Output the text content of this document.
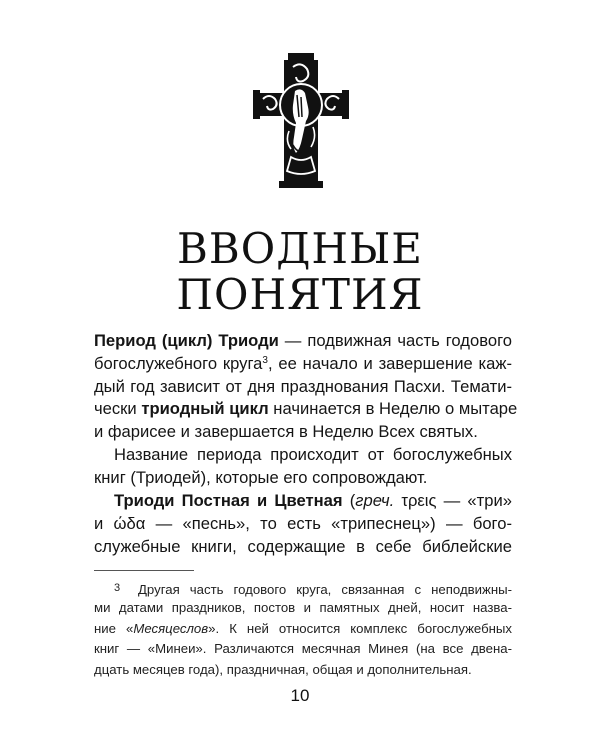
ВВОДНЫЕ
ПОНЯТИЯ
Период (цикл) Триоди — подвижная часть годового
богослужебного круга$^3$, ее начало и завершение каж-
дый год зависит от дня празднования Пасхи. Темати-
чески триодный цикл начинается в Неделю о мытаре
и фарисее и завершается в Неделю Всех святых.
Название периода происходит от богослужебных
книг (Триодей), которые его сопровождают.
Триоди Постная и Цветная (греч. τρεις — «три»
и ώδα — «песнь», то есть «трипеснец») — бого-
служебные книги, содержащие в себе библейские
3 Другая часть годового круга, связанная с неподвижны-
ми датами праздников, постов и памятных дней, носит назва-
ние «Месяцеслов». К ней относится комплекс богослужебных
книг — «Минеи». Различаются месячная Минея (на все двена-
дцать месяцев года), праздничная, общая и дополнительная.
10
